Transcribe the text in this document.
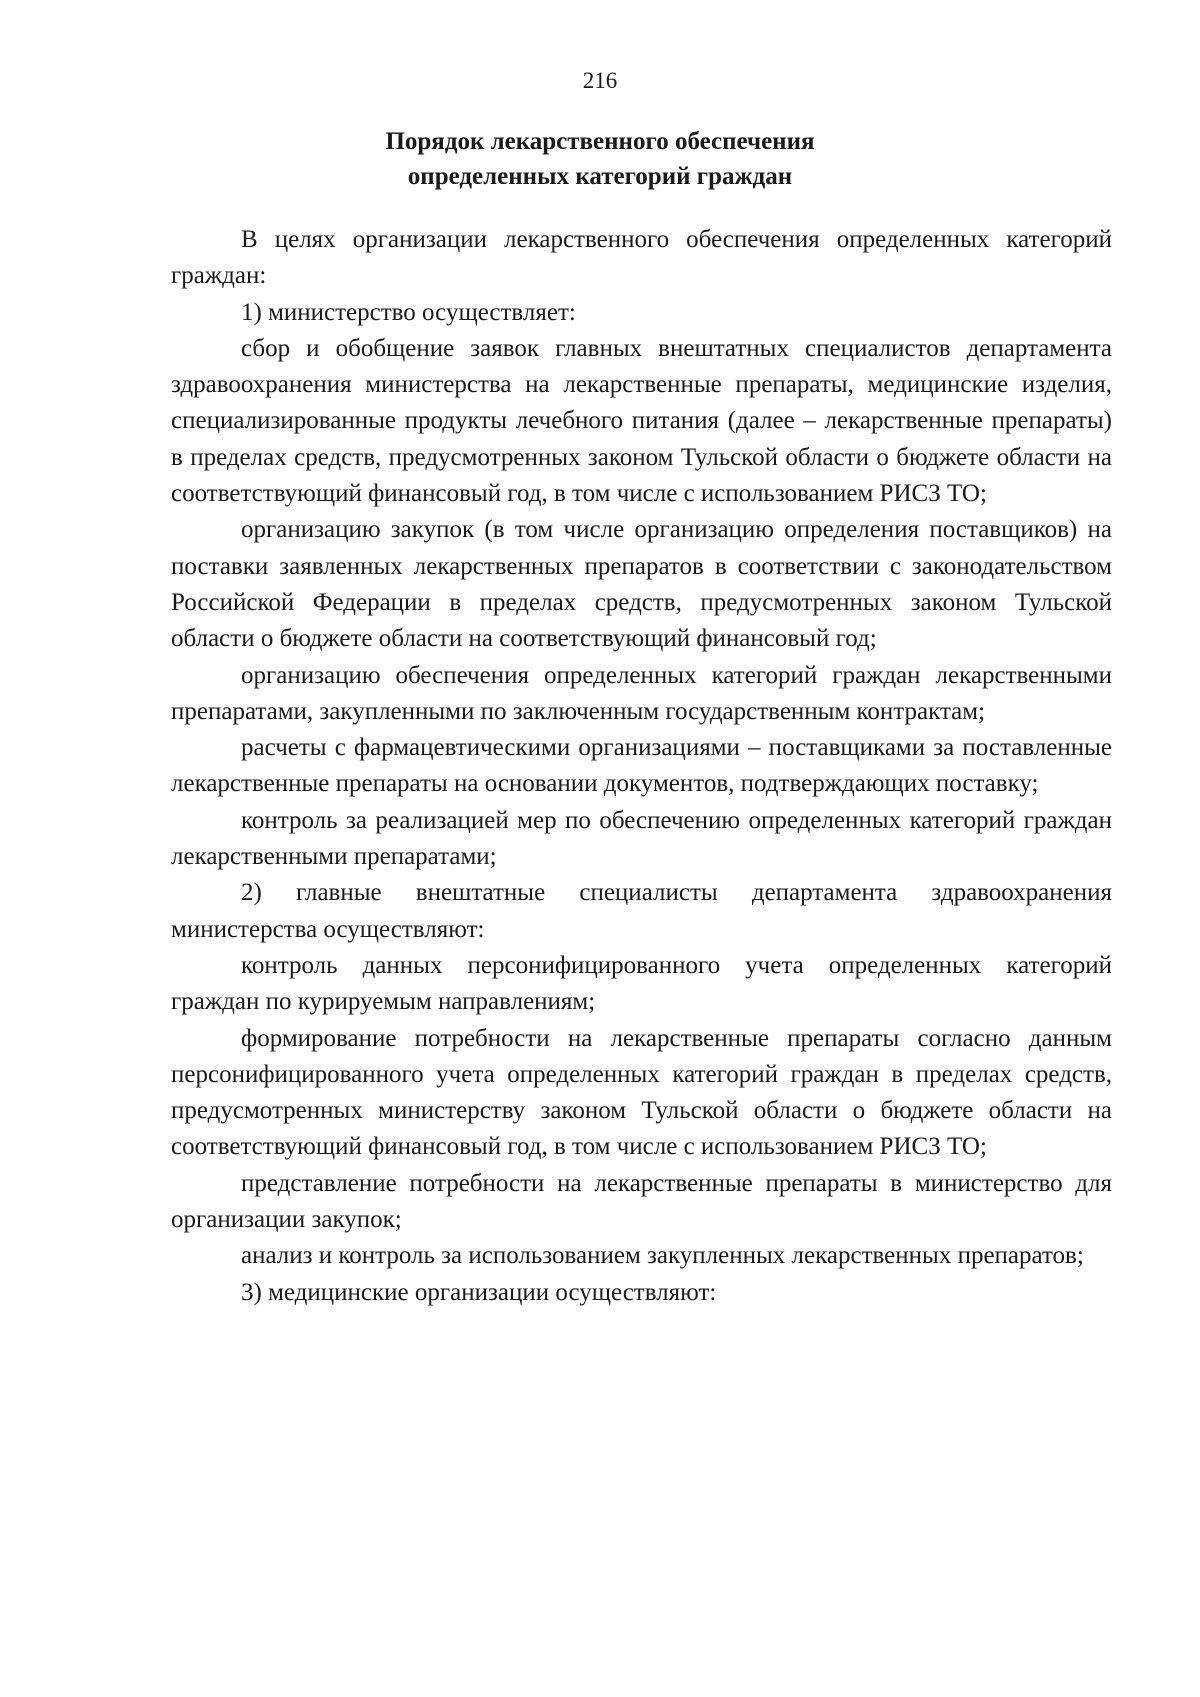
216
Порядок лекарственного обеспечения
определенных категорий граждан

В целях организации лекарственного обеспечения определенных категорий граждан:

1) министерство осуществляет:

сбор и обобщение заявок главных внештатных специалистов департамента здравоохранения министерства на лекарственные препараты, медицинские изделия, специализированные продукты лечебного питания (далее – лекарственные препараты) в пределах средств, предусмотренных законом Тульской области о бюджете области на соответствующий финансовый год, в том числе с использованием РИСЗ ТО;

организацию закупок (в том числе организацию определения поставщиков) на поставки заявленных лекарственных препаратов в соответствии с законодательством Российской Федерации в пределах средств, предусмотренных законом Тульской области о бюджете области на соответствующий финансовый год;

организацию обеспечения определенных категорий граждан лекарственными препаратами, закупленными по заключенным государственным контрактам;

расчеты с фармацевтическими организациями – поставщиками за поставленные лекарственные препараты на основании документов, подтверждающих поставку;

контроль за реализацией мер по обеспечению определенных категорий граждан лекарственными препаратами;

2) главные внештатные специалисты департамента здравоохранения министерства осуществляют:

контроль данных персонифицированного учета определенных категорий граждан по курируемым направлениям;

формирование потребности на лекарственные препараты согласно данным персонифицированного учета определенных категорий граждан в пределах средств, предусмотренных министерству законом Тульской области о бюджете области на соответствующий финансовый год, в том числе с использованием РИСЗ ТО;

представление потребности на лекарственные препараты в министерство для организации закупок;

анализ и контроль за использованием закупленных лекарственных препаратов;

3) медицинские организации осуществляют:
